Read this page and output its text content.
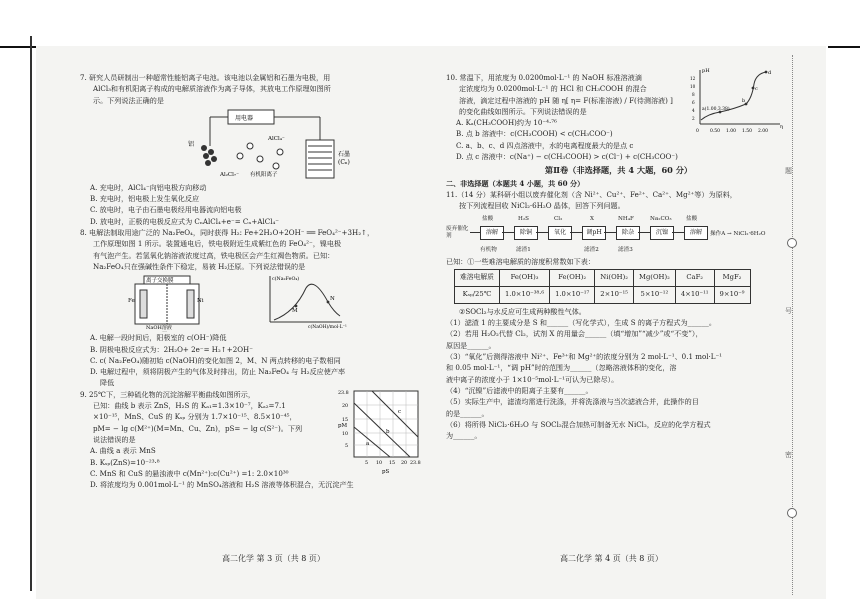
题
号
密

7. 研究人员研制出一种超常性能铝离子电池。该电池以金属铝和石墨为电极，用

AlCl₃和有机阳离子构成的电解质溶液作为离子导体，其放电工作原理如图所

示。下列说法正确的是

用电器
铝
AlCl₄⁻
Al₂Cl₇⁻ 有机阳离子
石墨
(Cₙ)
A. 充电时，AlCl₄⁻向铝电极方向移动
B. 充电时，铝电极上发生氧化反应
C. 放电时，电子由石墨电极经用电器流向铝电极
D. 放电时，正极的电极反应式为 CₙAlCl₄+e⁻= Cₙ+AlCl₄⁻

8. 电解法制取用途广泛的 Na₂FeO₄，同时获得 H₂: Fe+2H₂O+2OH⁻ ══ FeO₄²⁻+3H₂↑，

工作原理如图 1 所示。装置通电后，铁电极附近生成紫红色的 FeO₄²⁻，镍电极

有气泡产生。若氢氧化钠溶液浓度过高，铁电极区会产生红褐色物质。已知：

Na₂FeO₄只在强碱性条件下稳定，易被 H₂还原。下列说法错误的是

离子交换膜
Fe	Ni
NaOH溶液
M
N
c(Na₂FeO₄)
c(NaOH)/mol·L⁻¹
A. 电解一段时间后，阳极室的 c(OH⁻)降低
B. 阴极电极反应式为：2H₂O+ 2e⁻= H₂↑+2OH⁻
C. c( Na₂FeO₄)随初始 c(NaOH)的变化如图 2，M、N 两点转移的电子数相同
D. 电解过程中，须将阴极产生的气体及时排出，防止 Na₂FeO₄ 与 H₂反应使产率
降低

9. 25℃下，三种硫化物的沉淀溶解平衡曲线如图所示，

已知：曲线 b 表示 ZnS，H₂S 的 Kₐ₁=1.3×10⁻⁷，Kₐ₂=7.1

×10⁻¹⁵，MnS、CuS 的 Kₛₚ 分别为 1.7×10⁻¹⁵、8.5×10⁻⁴⁵，

pM= − lg c(M²⁺)(M=Mn、Cu、Zn)，pS= − lg c(S²⁻)。下列

说法错误的是

A. 曲线 a 表示 MnS
B. Kₛₚ(ZnS)=10⁻²³·⁸
a
b
c
pM
pS
23.8
20
15
10
5
5 10 15 20 23.8
C. MnS 和 CuS 的悬浊液中 c(Mn²⁺):c(Cu²⁺) =1: 2.0×10³⁰
D. 将浓度均为 0.001mol·L⁻¹ 的 MnSO₄溶液和 H₂S 溶液等体积混合，无沉淀产生
高二化学 第 3 页（共 8 页）

10. 常温下，用浓度为 0.0200mol·L⁻¹ 的 NaOH 标准溶液滴

定浓度均为 0.0200mol·L⁻¹ 的 HCl 和 CH₃COOH 的混合

溶液，滴定过程中溶液的 pH 随 η[ η= F(标准溶液) / F(待测溶液) ]

的变化曲线如图所示。下列说法错误的是

A. Kₐ(CH₃COOH)约为 10⁻⁴·⁷⁶
a(1.00,3.38)
b
c
d
pH
η
0 0.50 1.00 1.50 2.00
12
10
8
6
4
2
B. 点 b 溶液中：c(CH₃COOH) < c(CH₃COO⁻)
C. a、b、c、d 四点溶液中，水的电离程度最大的是点 c
D. 点 c 溶液中：c(Na⁺) − c(CH₃COOH) > c(Cl⁻) + c(CH₃COO⁻)
第Ⅱ卷（非选择题，共 4 大题，60 分）
二、非选择题（本题共 4 小题，共 60 分）

11.（14 分）某科研小组以废弃催化剂（含 Ni²⁺、Cu²⁺、Fe²⁺、Ca²⁺、Mg²⁺等）为原料，

按下列流程回收 NiCl₂·6H₂O 晶体，回答下列问题。

废弃催化剂	溶解	除铜	氧化	调pH	除杂	沉镍	溶解	操作A → NiCl₂·6H₂O
盐酸	H₂S	Cl₂	X	NH₄F	Na₂CO₃	盐酸
有机物	滤渣1	滤渣2	滤渣3
已知：①一些难溶电解质的溶度积常数如下表：
难溶电解质	Fe(OH)₃	Fe(OH)₂	Ni(OH)₂	Mg(OH)₂	CaF₂	MgF₂
Kₛₚ/25℃	1.0×10⁻³⁸·⁶	1.0×10⁻¹⁷	2×10⁻¹⁵	5×10⁻¹²	4×10⁻¹¹	9×10⁻⁹
②SOCl₂与水反应可生成两种酸性气体。
（1）滤渣 1 的主要成分是 S 和______（写化学式），生成 S 的离子方程式为______。
（2）若用 H₂O₂代替 Cl₂，试剂 X 的用量会______（填“增加”“减少”或“不变”），
原因是______。
（3）“氧化”后测得溶液中 Ni²⁺、Fe³⁺和 Mg²⁺的浓度分别为 2 mol·L⁻¹、0.1 mol·L⁻¹
和 0.05 mol·L⁻¹，“调 pH”时的范围为______（忽略溶液体积的变化，溶
液中离子的浓度小于 1×10⁻⁵mol·L⁻¹可认为已除尽）。
（4）“沉镍”后滤液中的阳离子主要有______。
（5）实际生产中，滤渣均需进行洗涤，并将洗涤液与当次滤液合并，此操作的目
的是______。
（6）将所得 NiCl₂·6H₂O 与 SOCl₂混合加热可制备无水 NiCl₂，反应的化学方程式
为______。
高二化学 第 4 页（共 8 页）
